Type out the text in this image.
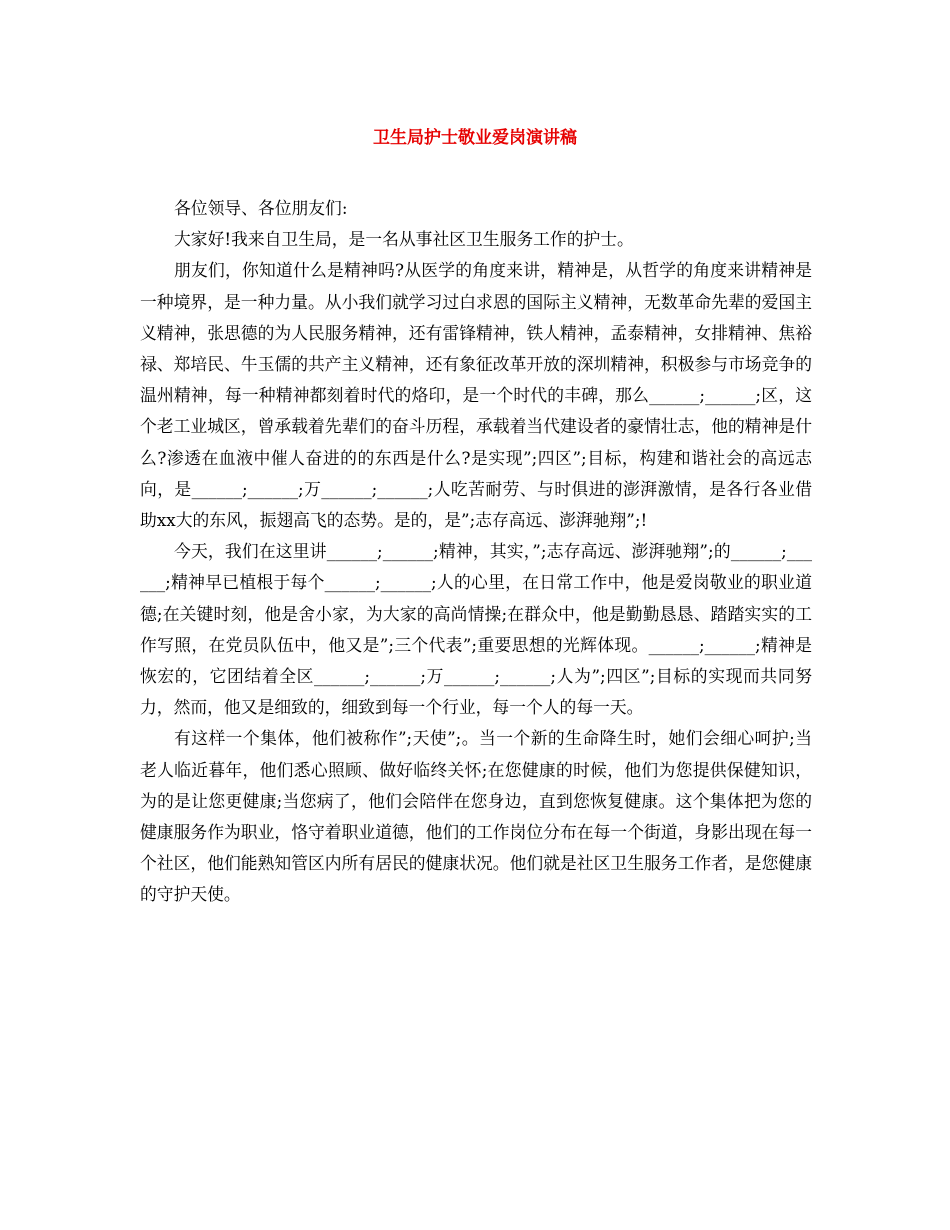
卫生局护士敬业爱岗演讲稿

各位领导、各位朋友们:

大家好!我来自卫生局，是一名从事社区卫生服务工作的护士。

朋友们，你知道什么是精神吗?从医学的角度来讲，精神是，从哲学的角度来讲精神是一种境界，是一种力量。从小我们就学习过白求恩的国际主义精神，无数革命先辈的爱国主义精神，张思德的为人民服务精神，还有雷锋精神，铁人精神，孟泰精神，女排精神、焦裕禄、郑培民、牛玉儒的共产主义精神，还有象征改革开放的深圳精神，积极参与市场竞争的温州精神，每一种精神都刻着时代的烙印，是一个时代的丰碑，那么______;______;区，这个老工业城区，曾承载着先辈们的奋斗历程，承载着当代建设者的豪情壮志，他的精神是什么?渗透在血液中催人奋进的的东西是什么?是实现”;四区”;目标，构建和谐社会的高远志向，是______;______;万______;______;人吃苦耐劳、与时俱进的澎湃激情，是各行各业借助xx大的东风，振翅高飞的态势。是的，是”;志存高远、澎湃驰翔”;!

今天，我们在这里讲______;______;精神，其实，”;志存高远、澎湃驰翔”;的______;______;精神早已植根于每个______;______;人的心里，在日常工作中，他是爱岗敬业的职业道德;在关键时刻，他是舍小家，为大家的高尚情操;在群众中，他是勤勤恳恳、踏踏实实的工作写照，在党员队伍中，他又是”;三个代表”;重要思想的光辉体现。______;______;精神是恢宏的，它团结着全区______;______;万______;______;人为”;四区”;目标的实现而共同努力，然而，他又是细致的，细致到每一个行业，每一个人的每一天。

有这样一个集体，他们被称作”;天使”;。当一个新的生命降生时，她们会细心呵护;当老人临近暮年，他们悉心照顾、做好临终关怀;在您健康的时候，他们为您提供保健知识，为的是让您更健康;当您病了，他们会陪伴在您身边，直到您恢复健康。这个集体把为您的健康服务作为职业，恪守着职业道德，他们的工作岗位分布在每一个街道，身影出现在每一个社区，他们能熟知管区内所有居民的健康状况。他们就是社区卫生服务工作者，是您健康的守护天使。
